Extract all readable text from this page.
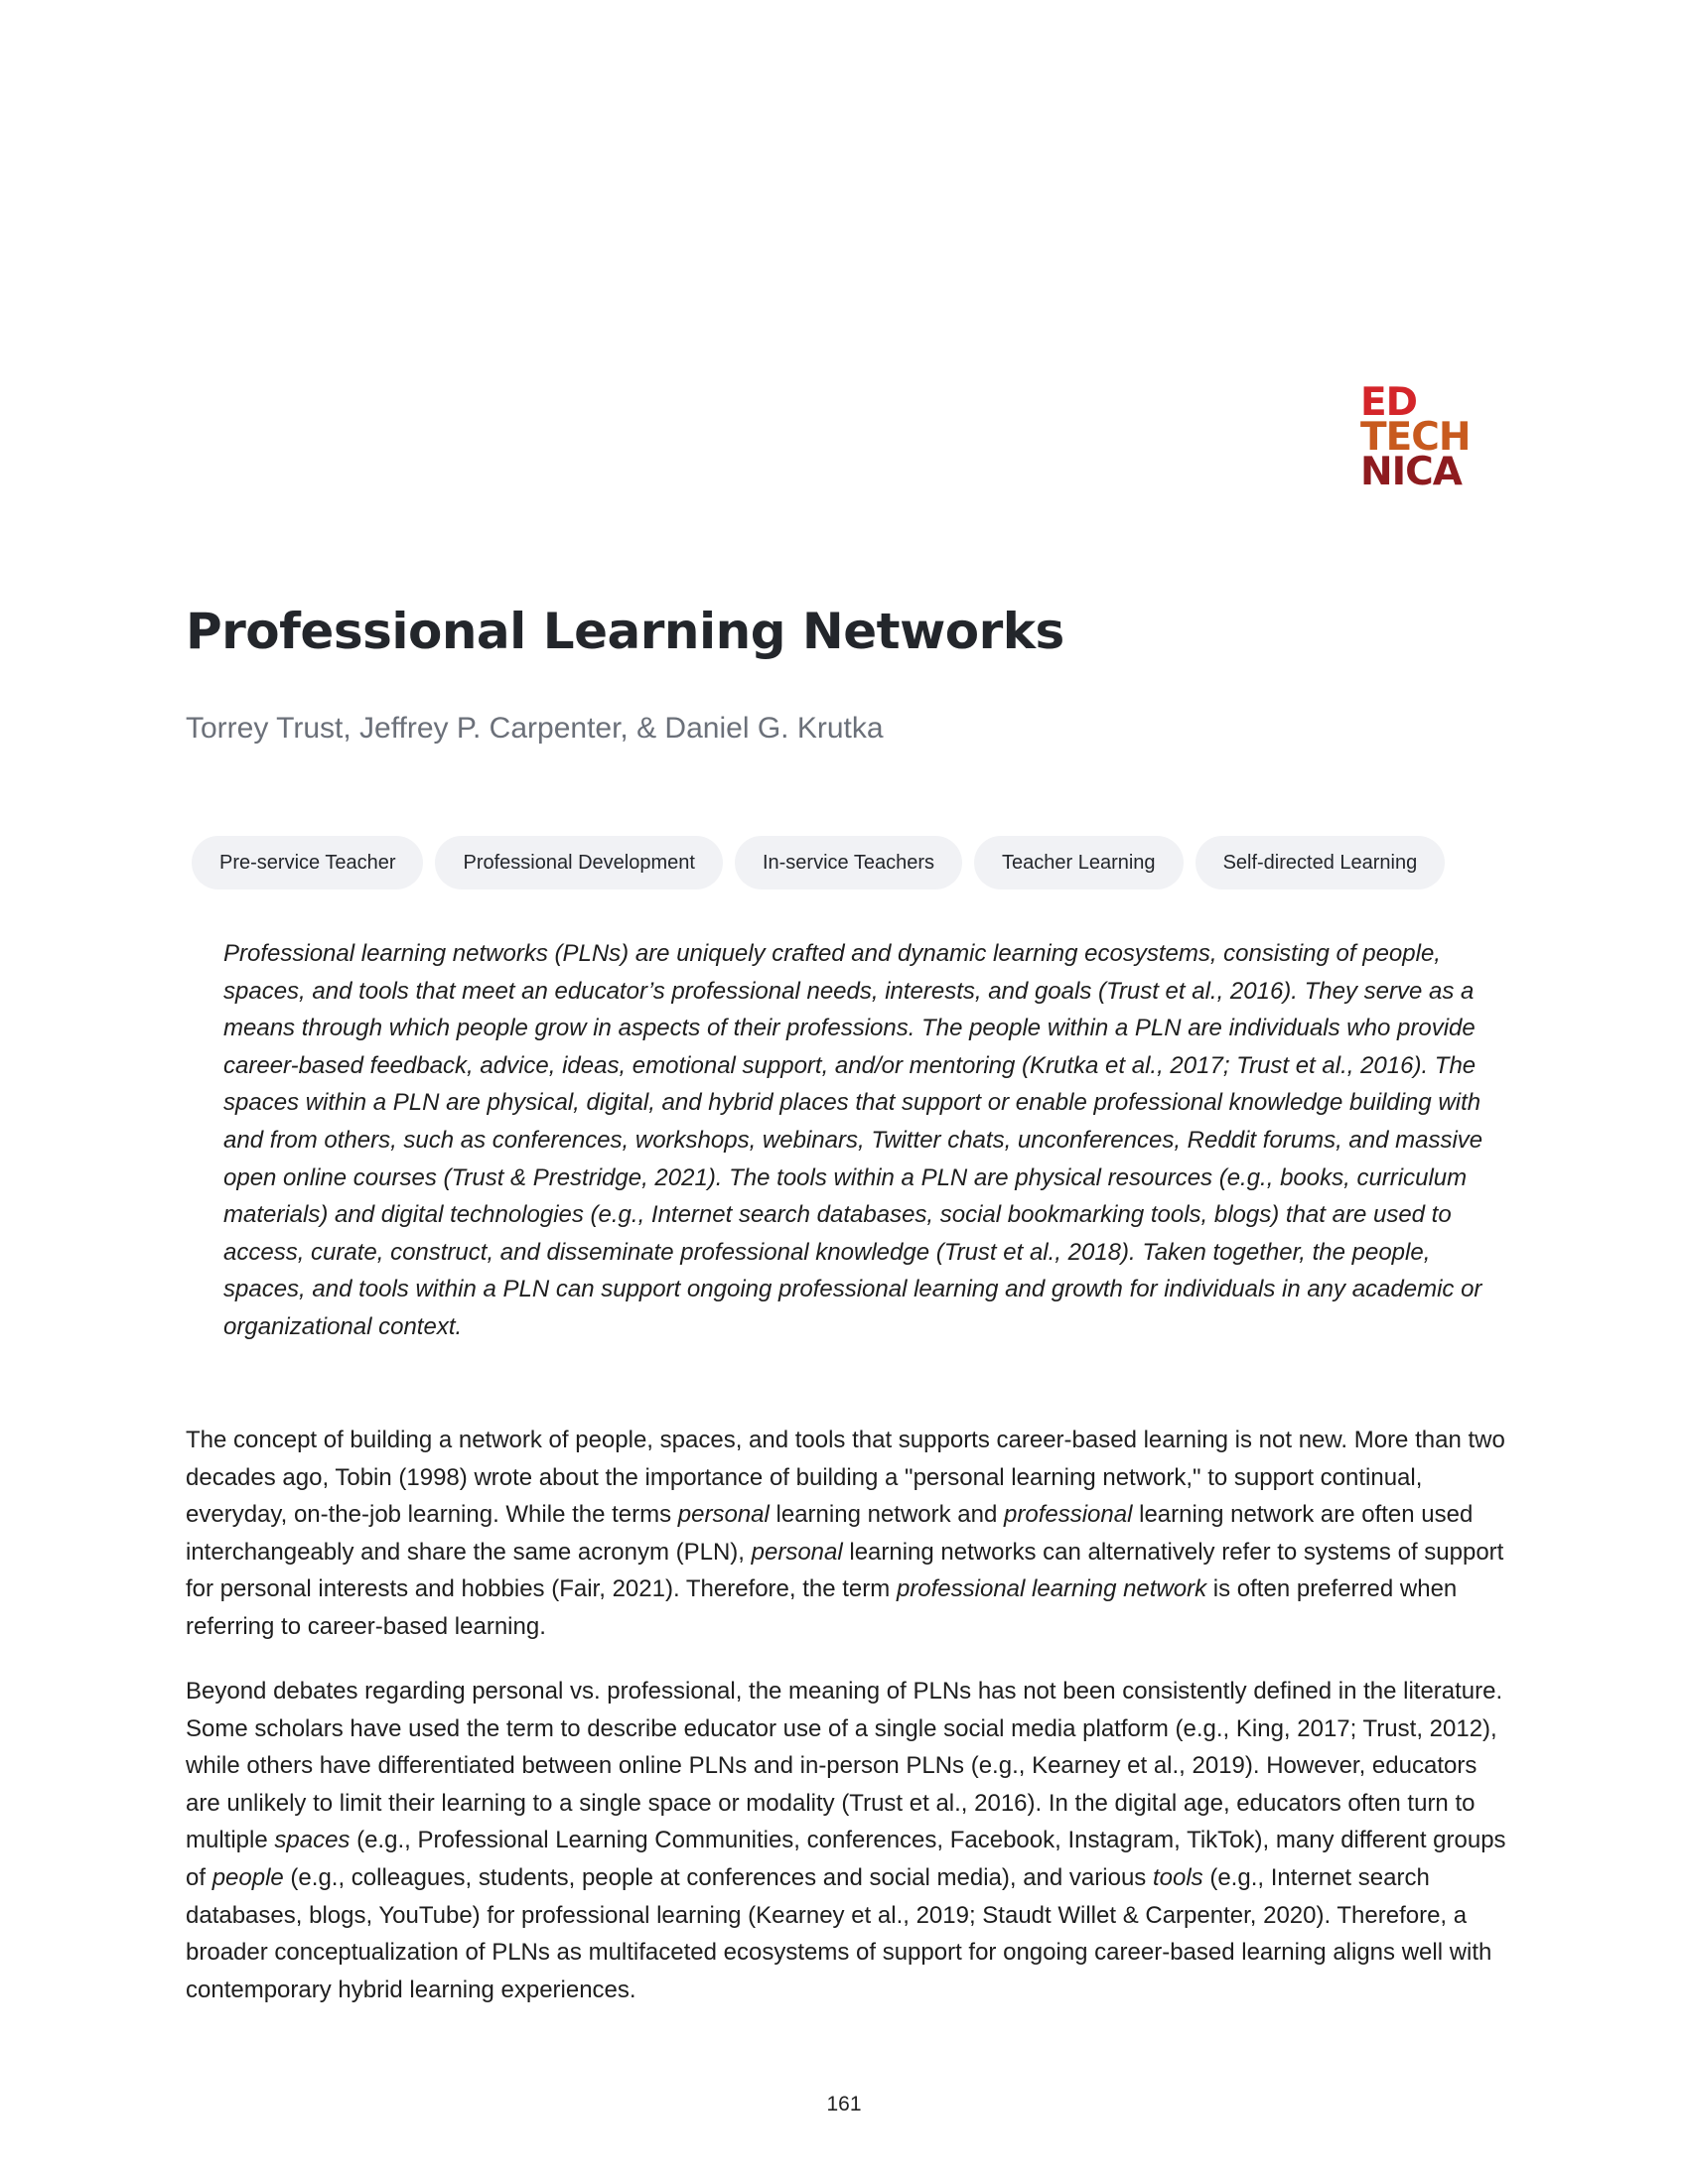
ED
TECH
NICA
Professional Learning Networks

Torrey Trust, Jeffrey P. Carpenter, & Daniel G. Krutka

Pre-service Teacher	Professional Development	In-service Teachers	Teacher Learning	Self-directed Learning

Professional learning networks (PLNs) are uniquely crafted and dynamic learning ecosystems, consisting of people, spaces, and tools that meet an educator’s professional needs, interests, and goals (Trust et al., 2016). They serve as a means through which people grow in aspects of their professions. The people within a PLN are individuals who provide career-based feedback, advice, ideas, emotional support, and/or mentoring (Krutka et al., 2017; Trust et al., 2016). The spaces within a PLN are physical, digital, and hybrid places that support or enable professional knowledge building with and from others, such as conferences, workshops, webinars, Twitter chats, unconferences, Reddit forums, and massive open online courses (Trust & Prestridge, 2021). The tools within a PLN are physical resources (e.g., books, curriculum materials) and digital technologies (e.g., Internet search databases, social bookmarking tools, blogs) that are used to access, curate, construct, and disseminate professional knowledge (Trust et al., 2018). Taken together, the people, spaces, and tools within a PLN can support ongoing professional learning and growth for individuals in any academic or organizational context.

The concept of building a network of people, spaces, and tools that supports career-based learning is not new. More than two decades ago, Tobin (1998) wrote about the importance of building a "personal learning network," to support continual, everyday, on-the-job learning. While the terms personal learning network and professional learning network are often used interchangeably and share the same acronym (PLN), personal learning networks can alternatively refer to systems of support for personal interests and hobbies (Fair, 2021). Therefore, the term professional learning network is often preferred when referring to career-based learning.

Beyond debates regarding personal vs. professional, the meaning of PLNs has not been consistently defined in the literature. Some scholars have used the term to describe educator use of a single social media platform (e.g., King, 2017; Trust, 2012), while others have differentiated between online PLNs and in-person PLNs (e.g., Kearney et al., 2019). However, educators are unlikely to limit their learning to a single space or modality (Trust et al., 2016). In the digital age, educators often turn to multiple spaces (e.g., Professional Learning Communities, conferences, Facebook, Instagram, TikTok), many different groups of people (e.g., colleagues, students, people at conferences and social media), and various tools (e.g., Internet search databases, blogs, YouTube) for professional learning (Kearney et al., 2019; Staudt Willet & Carpenter, 2020). Therefore, a broader conceptualization of PLNs as multifaceted ecosystems of support for ongoing career-based learning aligns well with contemporary hybrid learning experiences.

161
